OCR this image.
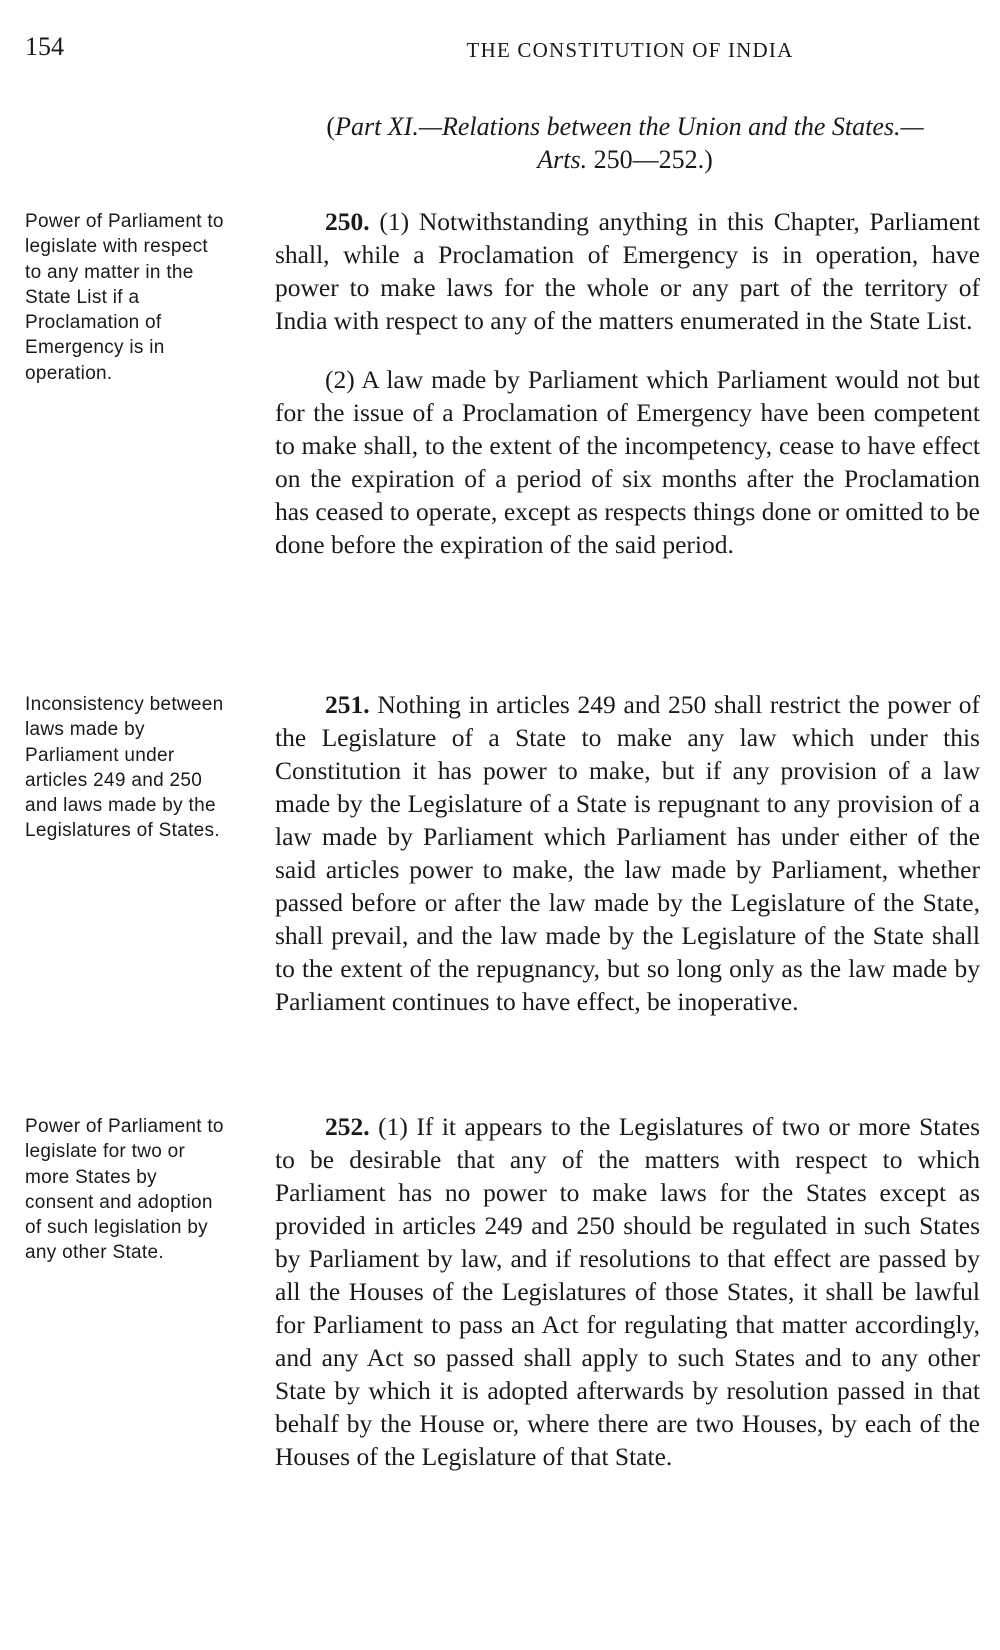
154	THE CONSTITUTION OF INDIA
(Part XI.—Relations between the Union and the States.—
Arts. 250—252.)
Power of Parliament to legislate with respect to any matter in the State List if a Proclamation of Emergency is in operation.

250. (1) Notwithstanding anything in this Chapter, Parliament shall, while a Proclamation of Emergency is in operation, have power to make laws for the whole or any part of the territory of India with respect to any of the matters enumerated in the State List.

(2) A law made by Parliament which Parliament would not but for the issue of a Proclamation of Emergency have been competent to make shall, to the extent of the incompetency, cease to have effect on the expiration of a period of six months after the Proclamation has ceased to operate, except as respects things done or omitted to be done before the expiration of the said period.

Inconsistency between laws made by Parliament under articles 249 and 250 and laws made by the Legislatures of States.

251. Nothing in articles 249 and 250 shall restrict the power of the Legislature of a State to make any law which under this Constitution it has power to make, but if any provision of a law made by the Legislature of a State is repugnant to any provision of a law made by Parliament which Parliament has under either of the said articles power to make, the law made by Parliament, whether passed before or after the law made by the Legislature of the State, shall prevail, and the law made by the Legislature of the State shall to the extent of the repugnancy, but so long only as the law made by Parliament continues to have effect, be inoperative.

Power of Parliament to legislate for two or more States by consent and adoption of such legislation by any other State.

252. (1) If it appears to the Legislatures of two or more States to be desirable that any of the matters with respect to which Parliament has no power to make laws for the States except as provided in articles 249 and 250 should be regulated in such States by Parliament by law, and if resolutions to that effect are passed by all the Houses of the Legislatures of those States, it shall be lawful for Parliament to pass an Act for regulating that matter accordingly, and any Act so passed shall apply to such States and to any other State by which it is adopted afterwards by resolution passed in that behalf by the House or, where there are two Houses, by each of the Houses of the Legislature of that State.
